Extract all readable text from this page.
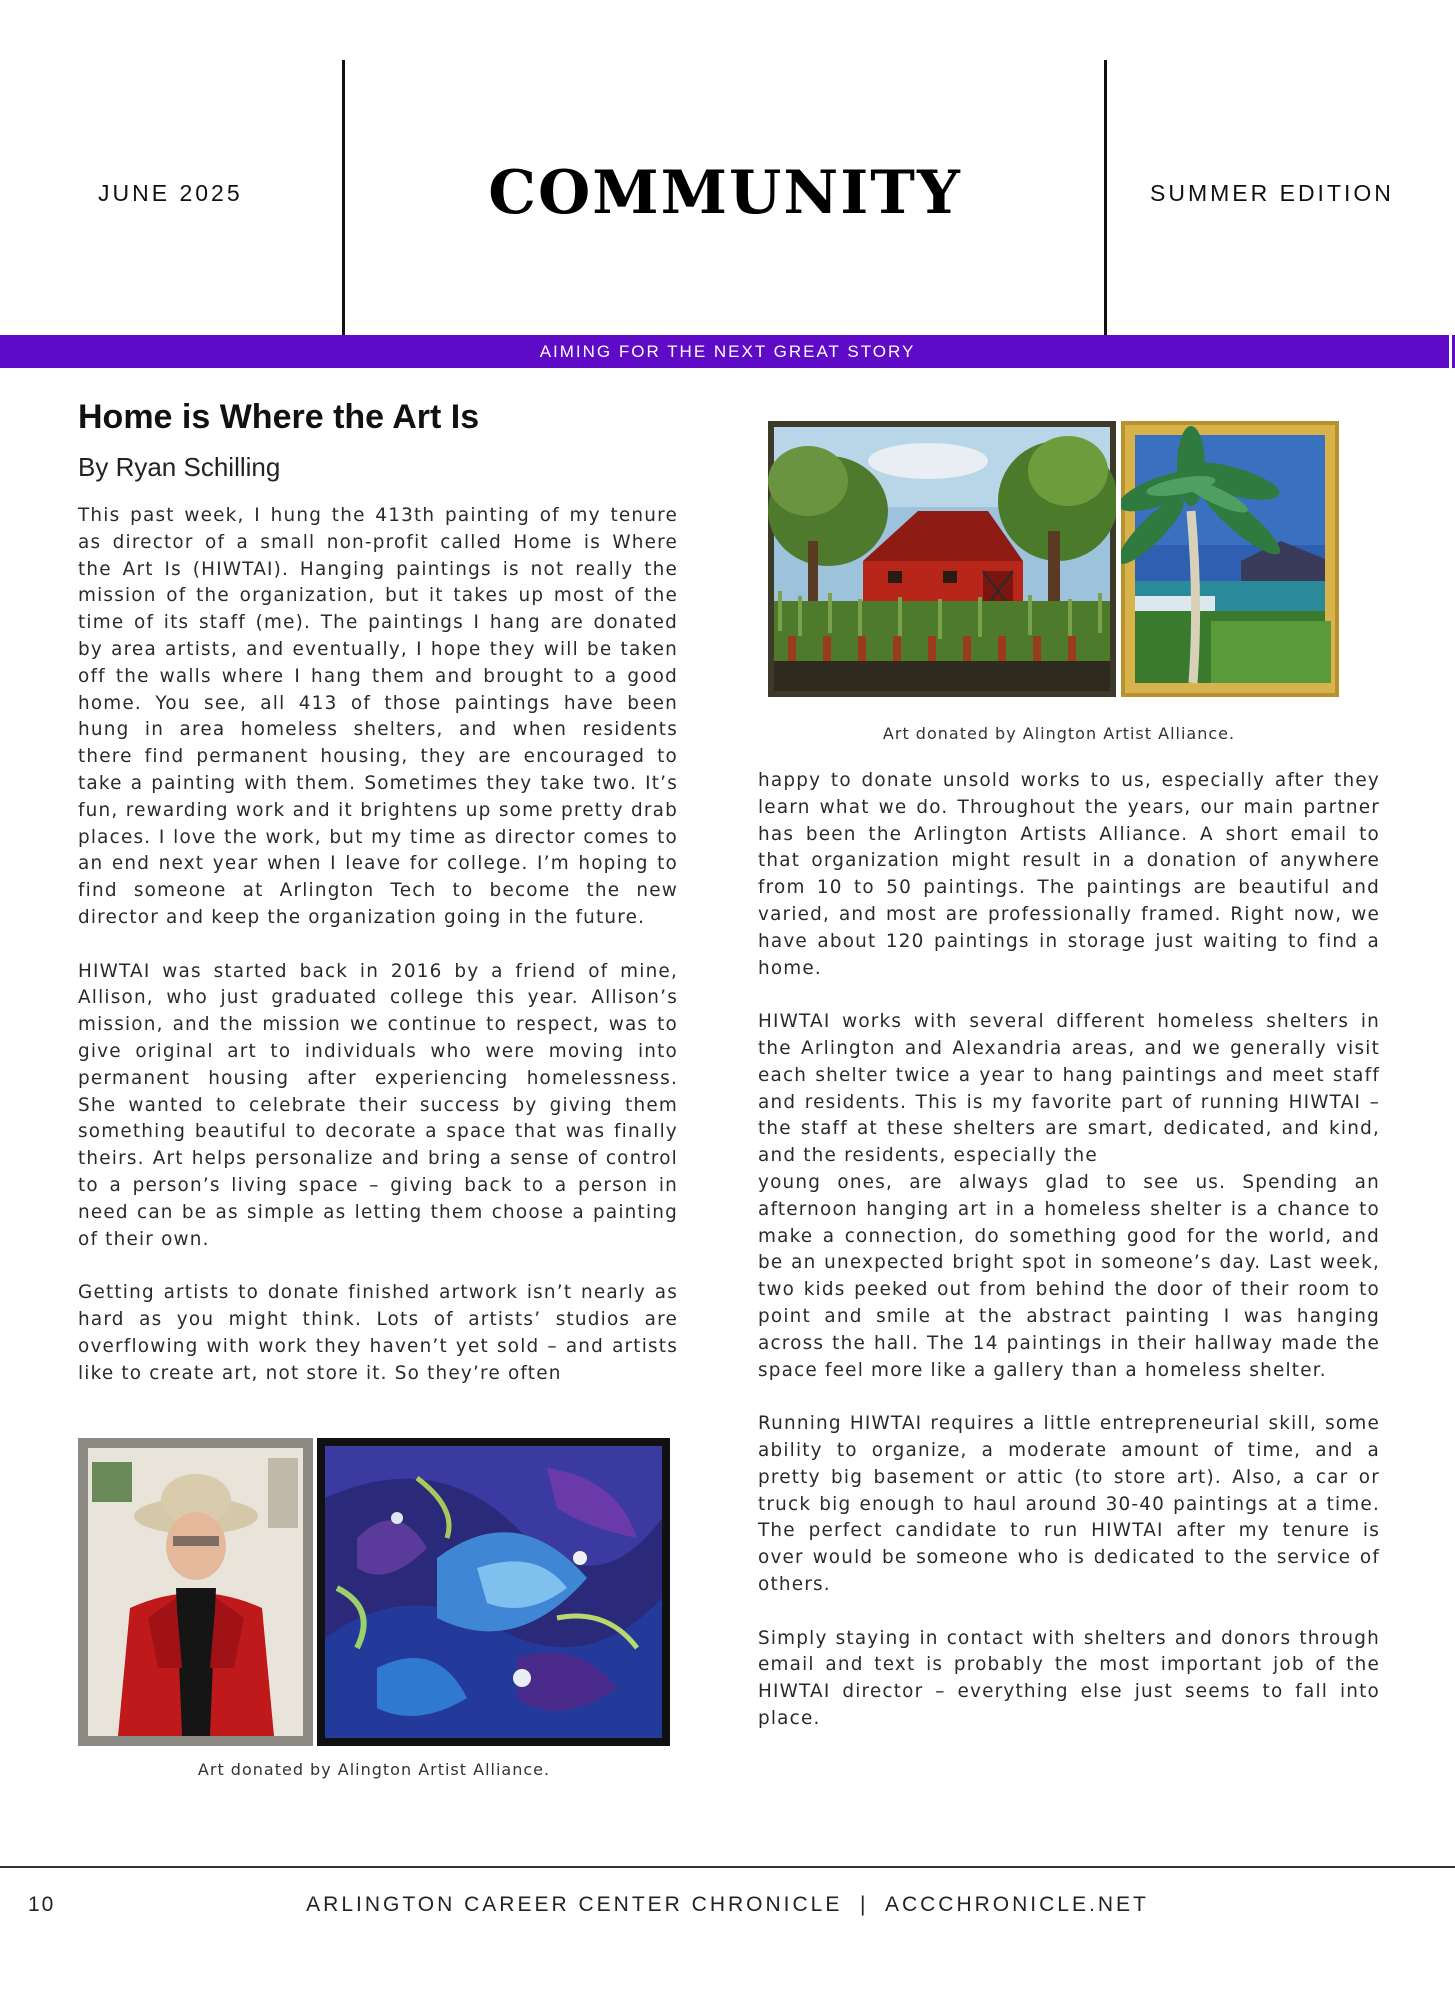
JUNE 2025	COMMUNITY	SUMMER EDITION
AIMING FOR THE NEXT GREAT STORY
Home is Where the Art Is
By Ryan Schilling

This past week, I hung the 413th painting of my tenure as director of a small non-profit called Home is Where the Art Is (HIWTAI). Hanging paintings is not really the mission of the organization, but it takes up most of the time of its staff (me). The paintings I hang are donated by area artists, and eventually, I hope they will be taken off the walls where I hang them and brought to a good home. You see, all 413 of those paintings have been hung in area homeless shelters, and when residents there find permanent housing, they are encouraged to take a painting with them. Sometimes they take two. It’s fun, rewarding work and it brightens up some pretty drab places. I love the work, but my time as director comes to an end next year when I leave for college. I’m hoping to find someone at Arlington Tech to become the new director and keep the organization going in the future.

HIWTAI was started back in 2016 by a friend of mine, Allison, who just graduated college this year. Allison’s mission, and the mission we continue to respect, was to give original art to individuals who were moving into permanent housing after experiencing homelessness. She wanted to celebrate their success by giving them something beautiful to decorate a space that was finally theirs. Art helps personalize and bring a sense of control to a person’s living space – giving back to a person in need can be as simple as letting them choose a painting of their own.

Getting artists to donate finished artwork isn’t nearly as hard as you might think. Lots of artists’ studios are overflowing with work they haven’t yet sold – and artists like to create art, not store it. So they’re often

Art donated by Alington Artist Alliance.

happy to donate unsold works to us, especially after they learn what we do. Throughout the years, our main partner has been the Arlington Artists Alliance. A short email to that organization might result in a donation of anywhere from 10 to 50 paintings. The paintings are beautiful and varied, and most are professionally framed. Right now, we have about 120 paintings in storage just waiting to find a home.

HIWTAI works with several different homeless shelters in the Arlington and Alexandria areas, and we generally visit each shelter twice a year to hang paintings and meet staff and residents. This is my favorite part of running HIWTAI – the staff at these shelters are smart, dedicated, and kind, and the residents, especially the

young ones, are always glad to see us. Spending an afternoon hanging art in a homeless shelter is a chance to make a connection, do something good for the world, and be an unexpected bright spot in someone’s day. Last week, two kids peeked out from behind the door of their room to point and smile at the abstract painting I was hanging across the hall. The 14 paintings in their hallway made the space feel more like a gallery than a homeless shelter.

Running HIWTAI requires a little entrepreneurial skill, some ability to organize, a moderate amount of time, and a pretty big basement or attic (to store art). Also, a car or truck big enough to haul around 30-40 paintings at a time. The perfect candidate to run HIWTAI after my tenure is over would be someone who is dedicated to the service of others.

Simply staying in contact with shelters and donors through email and text is probably the most important job of the HIWTAI director – everything else just seems to fall into place.

Art donated by Alington Artist Alliance.
10	ARLINGTON CAREER CENTER CHRONICLE  |  ACCCHRONICLE.NET
